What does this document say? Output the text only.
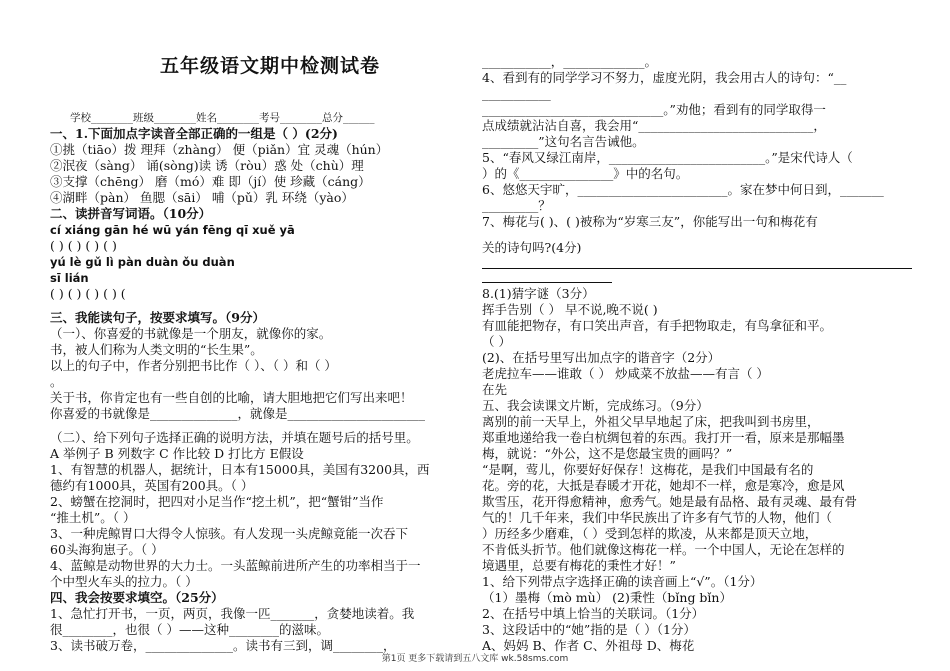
五年级语文期中检测试卷
学校________班级________姓名________考号________总分______
一、1.下面加点字读音全部正确的一组是（ ）(2分)
①挑（tiāo）拨 理拜（zhàng） 便（piǎn）宜 灵魂（hún）
②泯夜（sàng） 诵(sòng)读 诱（ròu）惑 处（chù）理
③支撑（chēng） 磨（mó）难 即（jí）使 珍藏（cáng）
④湖畔（pàn） 鱼腮（sāi） 哺（pǔ）乳 环绕（yào）
二、读拼音写词语。（10分）
cí xiáng gān hé wū yán fēng qī xuě yā
( ) ( ) ( ) ( )
yú lè gǔ lì pàn duàn ǒu duàn
sī lián
( ) ( ) ( ) ( ) (
三、我能读句子，按要求填写。（9分）
（一）、你喜爱的书就像是一个朋友，就像你的家。
书，被人们称为人类文明的“长生果”。
以上的句子中，作者分别把书比作（ ）、（ ）和（ ）
。
关于书，你肯定也有一些自创的比喻，请大胆地把它们写出来吧！
你喜爱的书就像是______________，就像是______________________
（二）、给下列句子选择正确的说明方法，并填在题号后的括号里。
A 举例子 B 列数字 C 作比较 D 打比方 E假设
1、有智慧的机器人，据统计，日本有15000具，美国有3200具，西
德约有1000具，英国有200具。（ ）
2、螃蟹在挖洞时，把四对小足当作“挖土机”，把“蟹钳”当作
“推土机”。（ ）
3、一种虎鲸胃口大得令人惊骇。有人发现一头虎鲸竟能一次吞下
60头海狗崽子。（ ）
4、蓝鲸是动物世界的大力士。一头蓝鲸前进所产生的功率相当于一
个中型火车头的拉力。（ ）
四、我会按要求填空。（25分）
1、急忙打开书，一页，两页，我像一匹_______，贪婪地读着。我
很________，也很（ ）——这种________的滋味。
3、读书破万卷，______________。读书有三到，调________，
___________，_____________。
4、看到有的同学学习不努力，虚度光阴，我会用古人的诗句：“__
___________
_____________________________。”劝他；看到有的同学取得一
点成绩就沾沾自喜，我会用“____________________________，
_________”这句名言告诫他。
5、“春风又绿江南岸，_________________________。”是宋代诗人（
）的《_______________》中的名句。
6、悠悠天宇旷，________________________。家在梦中何日到，_______
_________？
7、梅花与( )、( )被称为“岁寒三友”，你能写出一句和梅花有
关的诗句吗?(4分)
8.(1)猜字谜（3分）
挥手告别（ ） 早不说,晚不说( )
有皿能把物存，有口笑出声音，有手把物取走，有鸟拿征和平。
（ ）
(2)、在括号里写出加点字的谐音字（2分）
老虎拉车——谁敢（ ） 炒咸菜不放盐——有言（ ）
在先
五、我会读课文片断，完成练习。（9分）
离别的前一天早上，外祖父早早地起了床，把我叫到书房里，
郑重地递给我一卷白杭绸包着的东西。我打开一看，原来是那幅墨
梅，就说：“外公，这不是您最宝贵的画吗？”
“是啊，莺儿，你要好好保存！这梅花，是我们中国最有名的
花。旁的花，大抵是春暖才开花，她却不一样，愈是寒冷，愈是风
欺雪压，花开得愈精神，愈秀气。她是最有品格、最有灵魂、最有骨
气的！几千年来，我们中华民族出了许多有气节的人物，他们（
）历经多少磨难，（ ）受到怎样的欺凌，从来都是顶天立地，
不肯低头折节。他们就像这梅花一样。一个中国人，无论在怎样的
境遇里，总要有梅花的秉性才好！”
1、给下列带点字选择正确的读音画上“√”。（1分）
（1）墨梅（mò mù） (2)秉性（bǐng bǐn）
2、在括号中填上恰当的关联词。（1分）
3、这段话中的“她”指的是（ ）（1分）
A、妈妈 B、作者 C、外祖母 D、梅花
第1页 更多下载请到五八文库 wk.58sms.com
